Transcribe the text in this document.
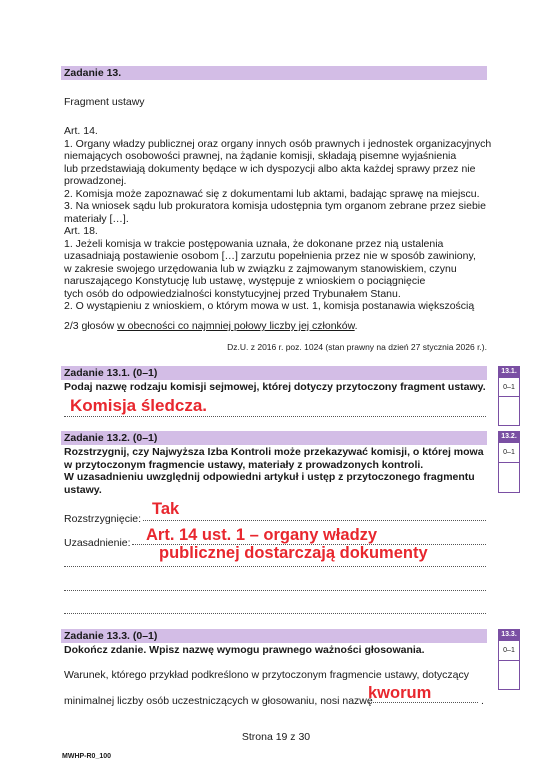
Zadanie 13.
Fragment ustawy
Art. 14.
1. Organy władzy publicznej oraz organy innych osób prawnych i jednostek organizacyjnych
niemających osobowości prawnej, na żądanie komisji, składają pisemne wyjaśnienia
lub przedstawiają dokumenty będące w ich dyspozycji albo akta każdej sprawy przez nie
prowadzonej.
2. Komisja może zapoznawać się z dokumentami lub aktami, badając sprawę na miejscu.
3. Na wniosek sądu lub prokuratora komisja udostępnia tym organom zebrane przez siebie
materiały […].
Art. 18.
1. Jeżeli komisja w trakcie postępowania uznała, że dokonane przez nią ustalenia
uzasadniają postawienie osobom […] zarzutu popełnienia przez nie w sposób zawiniony,
w zakresie swojego urzędowania lub w związku z zajmowanym stanowiskiem, czynu
naruszającego Konstytucję lub ustawę, występuje z wnioskiem o pociągnięcie
tych osób do odpowiedzialności konstytucyjnej przed Trybunałem Stanu.
2. O wystąpieniu z wnioskiem, o którym mowa w ust. 1, komisja postanawia większością
2/3 głosów w obecności co najmniej połowy liczby jej członków.
Dz.U. z 2016 r. poz. 1024 (stan prawny na dzień 27 stycznia 2026 r.).
Zadanie 13.1. (0–1)
Podaj nazwę rodzaju komisji sejmowej, której dotyczy przytoczony fragment ustawy.
Komisja śledcza.
13.1.
0–1
Zadanie 13.2. (0–1)
Rozstrzygnij, czy Najwyższa Izba Kontroli może przekazywać komisji, o której mowa
w przytoczonym fragmencie ustawy, materiały z prowadzonych kontroli.
W uzasadnieniu uwzględnij odpowiedni artykuł i ustęp z przytoczonego fragmentu
ustawy.
Rozstrzygnięcie:
Tak
Uzasadnienie: Art. 14 ust. 1 – organy władzy
publicznej dostarczają dokumenty
13.2.
0–1
Zadanie 13.3. (0–1)
Dokończ zdanie. Wpisz nazwę wymogu prawnego ważności głosowania.
Warunek, którego przykład podkreślono w przytoczonym fragmencie ustawy, dotyczący
minimalnej liczby osób uczestniczących w głosowaniu, nosi nazwę
kworum	.
13.3.
0–1
Strona 19 z 30
MWHP-R0_100
